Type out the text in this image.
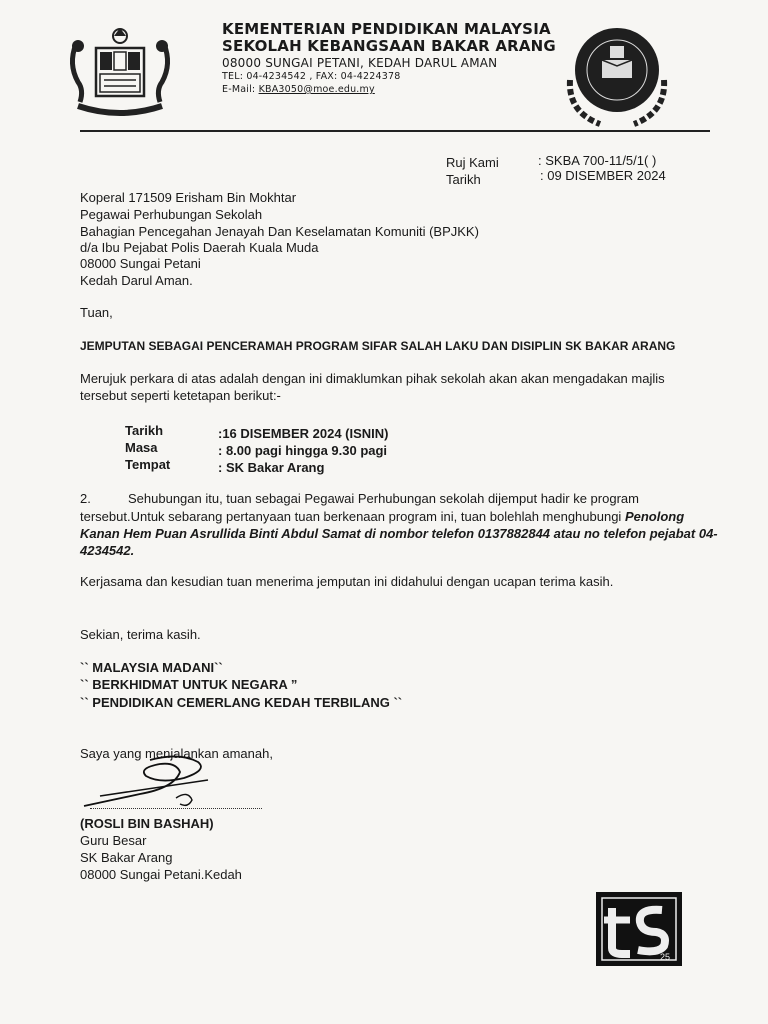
KEMENTERIAN PENDIDIKAN MALAYSIA
SEKOLAH KEBANGSAAN BAKAR ARANG
08000 SUNGAI PETANI, KEDAH DARUL AMAN
TEL: 04-4234542 , FAX: 04-4224378
E-Mail: KBA3050@moe.edu.my
Ruj Kami	: SKBA 700-11/5/1( )
Tarikh	: 09 DISEMBER 2024
Koperal 171509 Erisham Bin Mokhtar
Pegawai Perhubungan Sekolah
Bahagian Pencegahan Jenayah Dan Keselamatan Komuniti (BPJKK)
d/a Ibu Pejabat Polis Daerah Kuala Muda
08000 Sungai Petani
Kedah Darul Aman.
Tuan,
JEMPUTAN SEBAGAI PENCERAMAH PROGRAM SIFAR SALAH LAKU DAN DISIPLIN SK BAKAR ARANG
Merujuk perkara di atas adalah dengan ini dimaklumkan pihak sekolah akan akan mengadakan majlis tersebut seperti ketetapan berikut:-
Tarikh	:16 DISEMBER 2024 (ISNIN)
Masa	: 8.00 pagi hingga 9.30 pagi
Tempat	: SK Bakar Arang
2.	Sehubungan itu, tuan sebagai Pegawai Perhubungan sekolah dijemput hadir ke program
tersebut.Untuk sebarang pertanyaan tuan berkenaan program ini, tuan bolehlah menghubungi Penolong
Kanan Hem Puan Asrullida Binti Abdul Samat di nombor telefon 0137882844 atau no telefon pejabat 04-
4234542.
Kerjasama dan kesudian tuan menerima jemputan ini didahului dengan ucapan terima kasih.
Sekian, terima kasih.
`` MALAYSIA MADANI``
`` BERKHIDMAT UNTUK NEGARA ”
`` PENDIDIKAN CEMERLANG KEDAH TERBILANG ``
Saya yang menjalankan amanah,
(ROSLI BIN BASHAH)
Guru Besar
SK Bakar Arang
08000 Sungai Petani.Kedah
25
